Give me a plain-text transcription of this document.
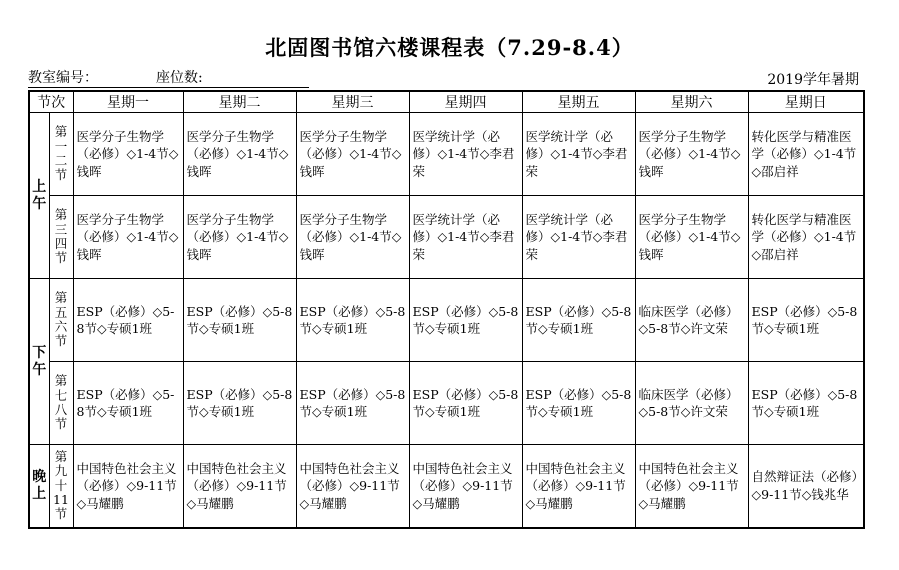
北固图书馆六楼课程表（7.29-8.4）
教室编号：	座位数:	2019学年暑期
节次		星期一	星期二	星期三	星期四	星期五	星期六	星期日
上午	第一二节	医学分子生物学（必修）◇1-4节◇钱晖	医学分子生物学（必修）◇1-4节◇钱晖	医学分子生物学（必修）◇1-4节◇钱晖	医学统计学（必修）◇1-4节◇李君荣	医学统计学（必修）◇1-4节◇李君荣	医学分子生物学（必修）◇1-4节◇钱晖	转化医学与精准医学（必修）◇1-4节◇邵启祥
	第三四节	医学分子生物学（必修）◇1-4节◇钱晖	医学分子生物学（必修）◇1-4节◇钱晖	医学分子生物学（必修）◇1-4节◇钱晖	医学统计学（必修）◇1-4节◇李君荣	医学统计学（必修）◇1-4节◇李君荣	医学分子生物学（必修）◇1-4节◇钱晖	转化医学与精准医学（必修）◇1-4节◇邵启祥
下午	第五六节	ESP（必修）◇5-8节◇专硕1班	ESP（必修）◇5-8节◇专硕1班	ESP（必修）◇5-8节◇专硕1班	ESP（必修）◇5-8节◇专硕1班	ESP（必修）◇5-8节◇专硕1班	临床医学（必修）◇5-8节◇许文荣	ESP（必修）◇5-8节◇专硕1班
	第七八节	ESP（必修）◇5-8节◇专硕1班	ESP（必修）◇5-8节◇专硕1班	ESP（必修）◇5-8节◇专硕1班	ESP（必修）◇5-8节◇专硕1班	ESP（必修）◇5-8节◇专硕1班	临床医学（必修）◇5-8节◇许文荣	ESP（必修）◇5-8节◇专硕1班
晚上	第九十11节	中国特色社会主义（必修）◇9-11节◇马耀鹏	中国特色社会主义（必修）◇9-11节◇马耀鹏	中国特色社会主义（必修）◇9-11节◇马耀鹏	中国特色社会主义（必修）◇9-11节◇马耀鹏	中国特色社会主义（必修）◇9-11节◇马耀鹏	中国特色社会主义（必修）◇9-11节◇马耀鹏	自然辩证法（必修）◇9-11节◇钱兆华
